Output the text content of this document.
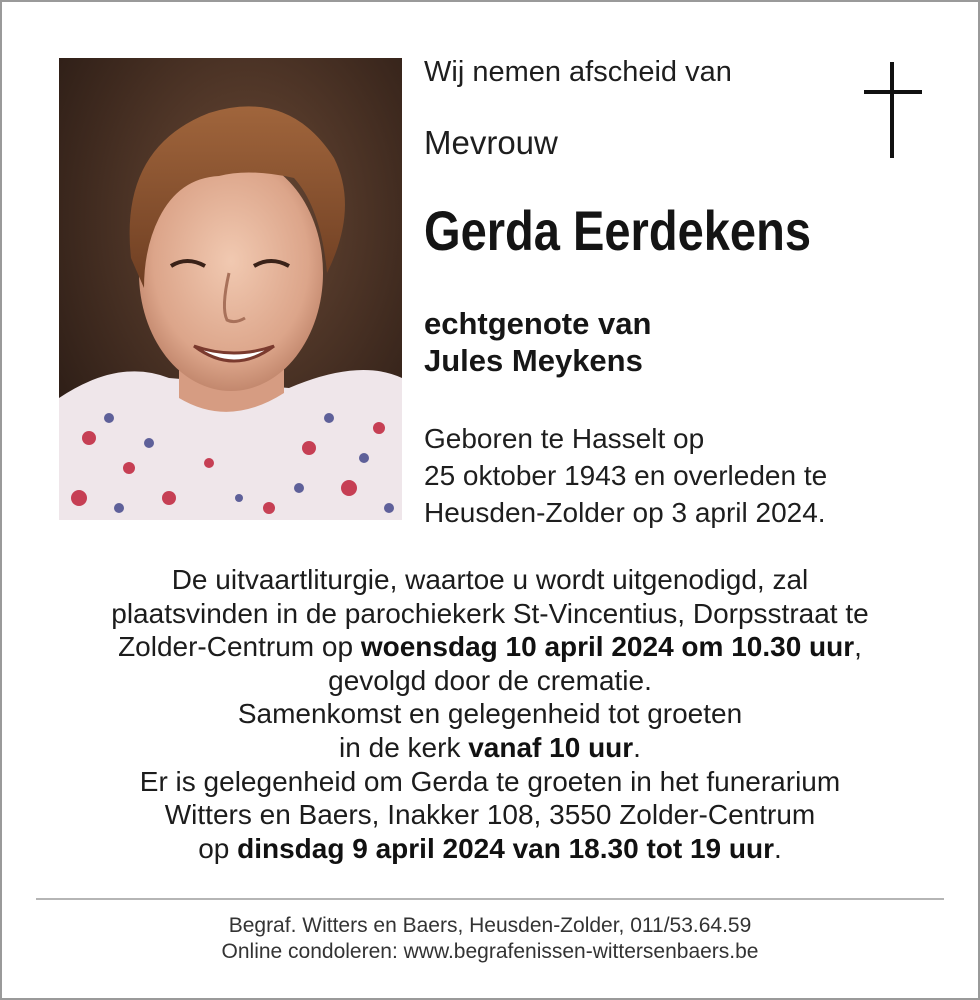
Wij nemen afscheid van
Mevrouw
Gerda Eerdekens
echtgenote van
Jules Meykens
Geboren te Hasselt op
25 oktober 1943 en overleden te
Heusden-Zolder op 3 april 2024.
De uitvaartliturgie, waartoe u wordt uitgenodigd, zal
plaatsvinden in de parochiekerk St-Vincentius, Dorpsstraat te
Zolder-Centrum op woensdag 10 april 2024 om 10.30 uur,
gevolgd door de crematie.
Samenkomst en gelegenheid tot groeten
in de kerk vanaf 10 uur.
Er is gelegenheid om Gerda te groeten in het funerarium
Witters en Baers, Inakker 108, 3550 Zolder-Centrum
op dinsdag 9 april 2024 van 18.30 tot 19 uur.
Begraf. Witters en Baers, Heusden-Zolder, 011/53.64.59
Online condoleren: www.begrafenissen-wittersenbaers.be
